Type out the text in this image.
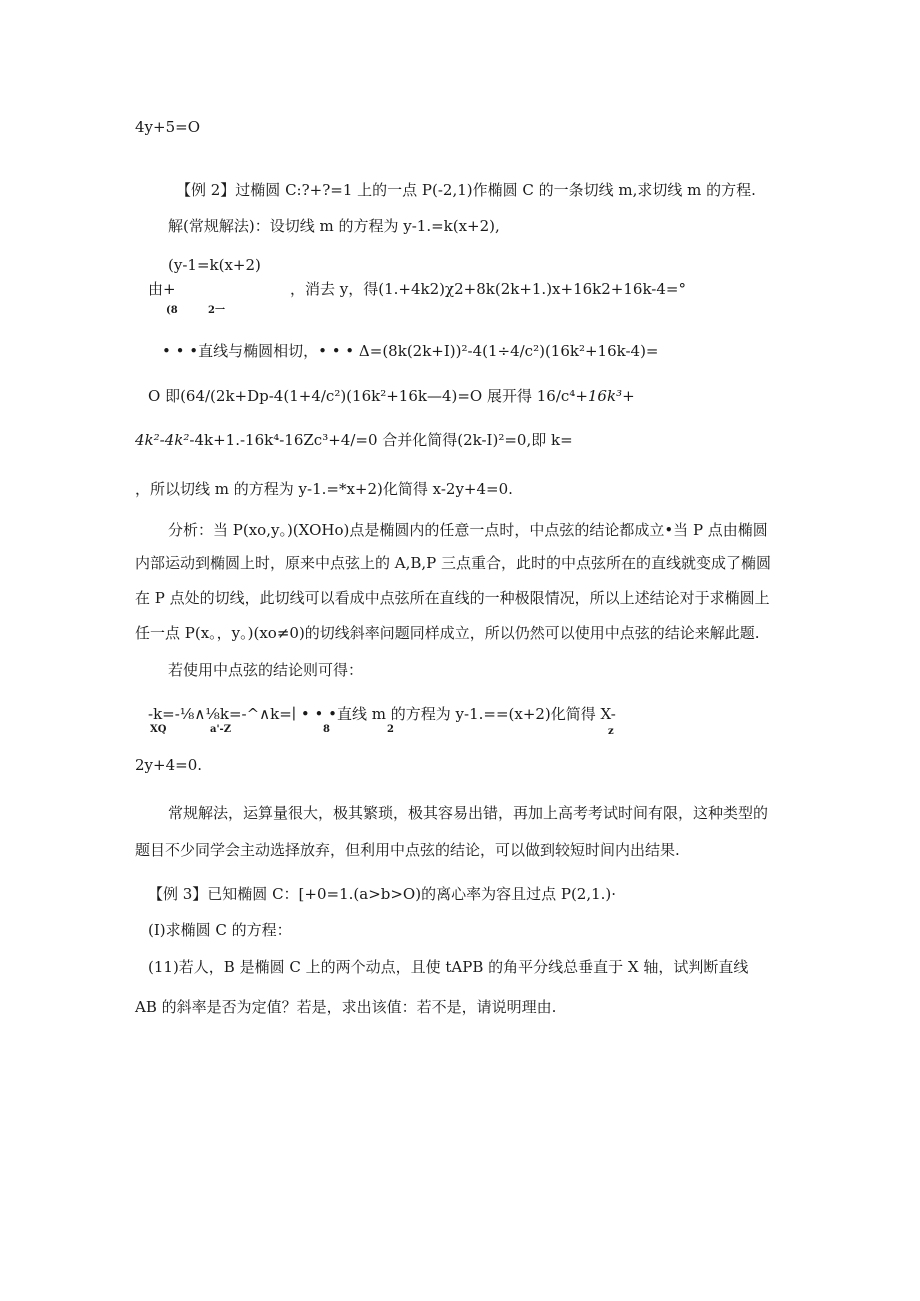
4y+5=O
【例 2】过椭圆 C:?+?=1 上的一点 P(-2,1)作椭圆 C 的一条切线 m,求切线 m 的方程.
解(常规解法)：设切线 m 的方程为 y-1.=k(x+2),
(y-1=k(x+2)
由+	，消去 y，得(1.+4k2)χ2+8k(2k+1.)x+16k2+16k-4=°
(8	2一
• • •直线与椭圆相切，• • • Δ=(8k(2k+I))²-4(1÷4∕c²)(16k²+16k-4)=
O 即(64∕(2k+Dp-4(1+4∕c²)(16k²+16k—4)=O 展开得 16∕c⁴+16k³+
4k²-4k²-4k+1.-16k⁴-16Zc³+4/=0 合并化简得(2k-I)²=0,即 k=
，所以切线 m 的方程为 y-1.=*x+2)化简得 x-2y+4=0.
分析：当 P(xo,y。)(XOHo)点是椭圆内的任意一点时，中点弦的结论都成立•当 P 点由椭圆
内部运动到椭圆上时，原来中点弦上的 A,B,P 三点重合，此时的中点弦所在的直线就变成了椭圆
在 P 点处的切线，此切线可以看成中点弦所在直线的一种极限情况，所以上述结论对于求椭圆上
任一点 P(x。，y。)(xo≠0)的切线斜率问题同样成立，所以仍然可以使用中点弦的结论来解此题.
若使用中点弦的结论则可得：
-k=-⅛∧⅛k=-^∧k=∣ • • •直线 m 的方程为 y-1.==(x+2)化简得 X-
XQ	a'-Z	8	2	z
2y+4=0.
常规解法，运算量很大，极其繁琐，极其容易出错，再加上高考考试时间有限，这种类型的
题目不少同学会主动选择放弃，但利用中点弦的结论，可以做到较短时间内出结果.
【例 3】已知椭圆 C：[+0=1.(a>b>O)的离心率为容且过点 P(2,1.)·
(I)求椭圆 C 的方程：
(11)若人，B 是椭圆 C 上的两个动点，且使 tAPB 的角平分线总垂直于 X 轴，试判断直线
AB 的斜率是否为定值？若是，求出该值：若不是，请说明理由.
